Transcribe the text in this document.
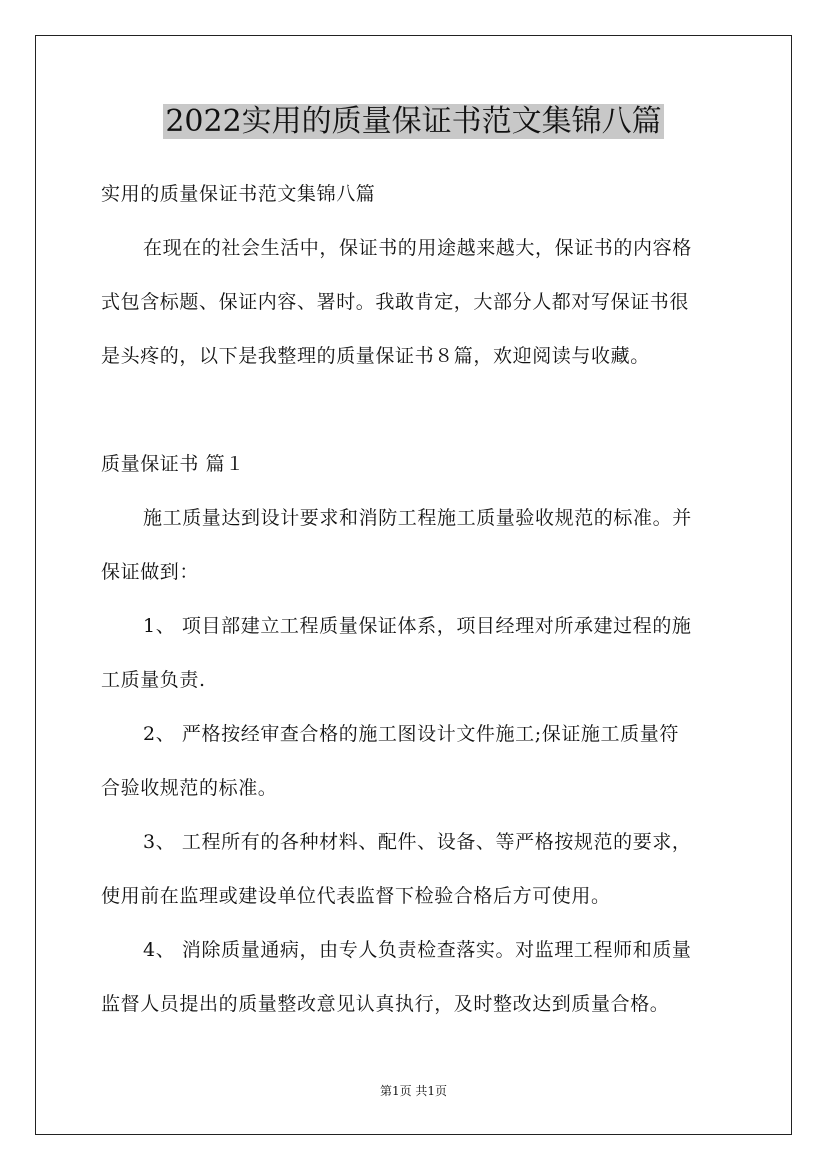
2022实用的质量保证书范文集锦八篇
实用的质量保证书范文集锦八篇
在现在的社会生活中，保证书的用途越来越大，保证书的内容格
式包含标题、保证内容、署时。我敢肯定，大部分人都对写保证书很
是头疼的，以下是我整理的质量保证书８篇，欢迎阅读与收藏。
质量保证书 篇１
施工质量达到设计要求和消防工程施工质量验收规范的标准。并
保证做到：
1、 项目部建立工程质量保证体系，项目经理对所承建过程的施
工质量负责.
2、 严格按经审查合格的施工图设计文件施工;保证施工质量符
合验收规范的标准。
3、 工程所有的各种材料、配件、设备、等严格按规范的要求，
使用前在监理或建设单位代表监督下检验合格后方可使用。
4、 消除质量通病，由专人负责检查落实。对监理工程师和质量
监督人员提出的质量整改意见认真执行，及时整改达到质量合格。
第1页 共1页
